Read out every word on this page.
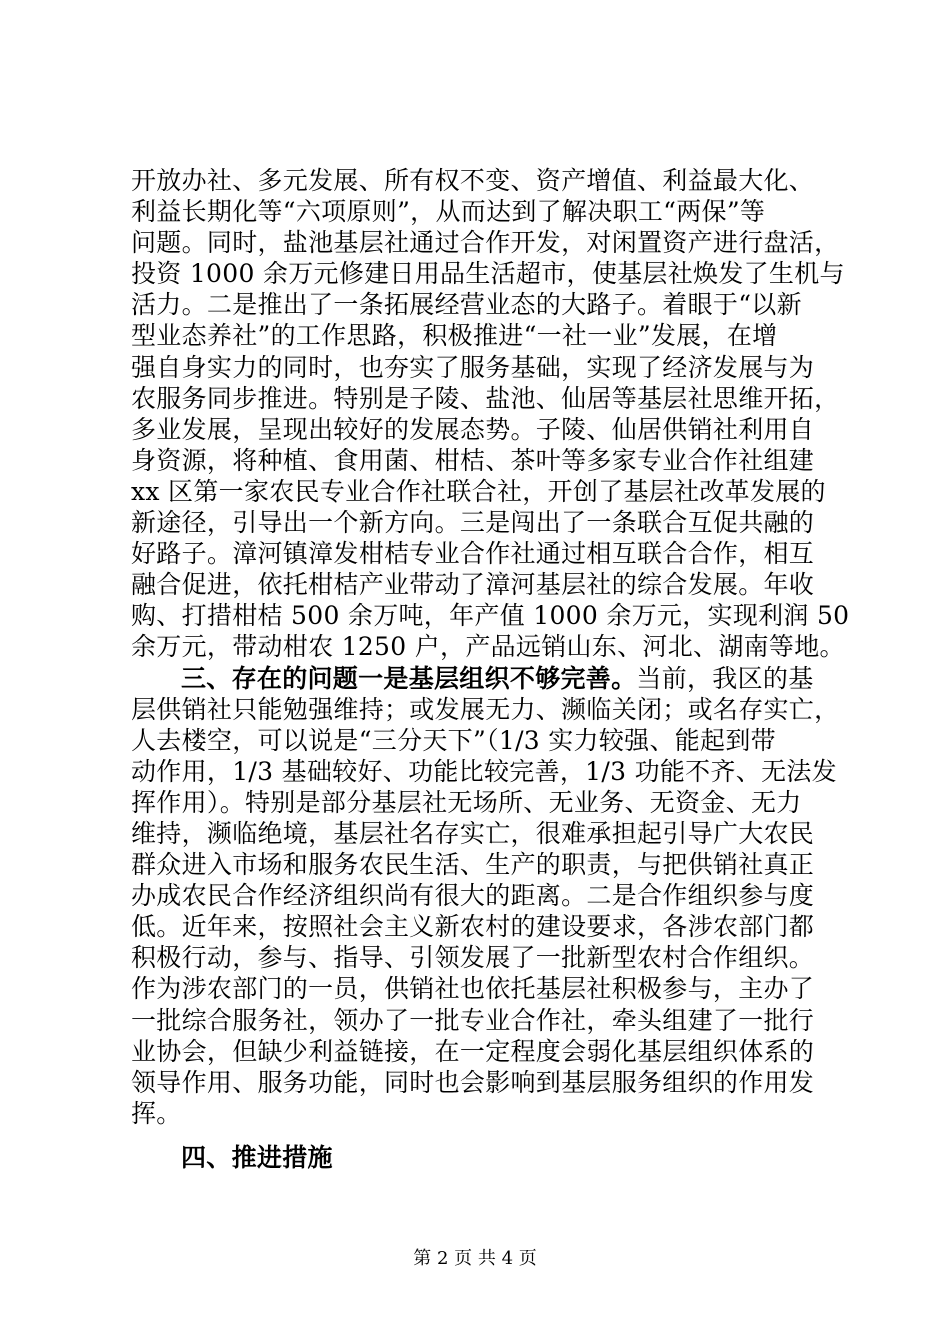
开放办社、多元发展、所有权不变、资产增值、利益最大化、
利益长期化等“六项原则”，从而达到了解决职工“两保”等
问题。同时，盐池基层社通过合作开发，对闲置资产进行盘活，
投资 1000 余万元修建日用品生活超市，使基层社焕发了生机与
活力。二是推出了一条拓展经营业态的大路子。着眼于“以新
型业态养社”的工作思路，积极推进“一社一业”发展，在增
强自身实力的同时，也夯实了服务基础，实现了经济发展与为
农服务同步推进。特别是子陵、盐池、仙居等基层社思维开拓，
多业发展，呈现出较好的发展态势。子陵、仙居供销社利用自
身资源，将种植、食用菌、柑桔、茶叶等多家专业合作社组建
xx 区第一家农民专业合作社联合社，开创了基层社改革发展的
新途径，引导出一个新方向。三是闯出了一条联合互促共融的
好路子。漳河镇漳发柑桔专业合作社通过相互联合合作，相互
融合促进，依托柑桔产业带动了漳河基层社的综合发展。年收
购、打措柑桔 500 余万吨，年产值 1000 余万元，实现利润 50
余万元，带动柑农 1250 户，产品远销山东、河北、湖南等地。
三、存在的问题一是基层组织不够完善。当前，我区的基
层供销社只能勉强维持；或发展无力、濒临关闭；或名存实亡，
人去楼空，可以说是“三分天下”（1/3 实力较强、能起到带
动作用，1/3 基础较好、功能比较完善，1/3 功能不齐、无法发
挥作用）。特别是部分基层社无场所、无业务、无资金、无力
维持，濒临绝境，基层社名存实亡，很难承担起引导广大农民
群众进入市场和服务农民生活、生产的职责，与把供销社真正
办成农民合作经济组织尚有很大的距离。二是合作组织参与度
低。近年来，按照社会主义新农村的建设要求，各涉农部门都
积极行动，参与、指导、引领发展了一批新型农村合作组织。
作为涉农部门的一员，供销社也依托基层社积极参与，主办了
一批综合服务社，领办了一批专业合作社，牵头组建了一批行
业协会，但缺少利益链接，在一定程度会弱化基层组织体系的
领导作用、服务功能，同时也会影响到基层服务组织的作用发
挥。
四、推进措施
第 2 页 共 4 页
